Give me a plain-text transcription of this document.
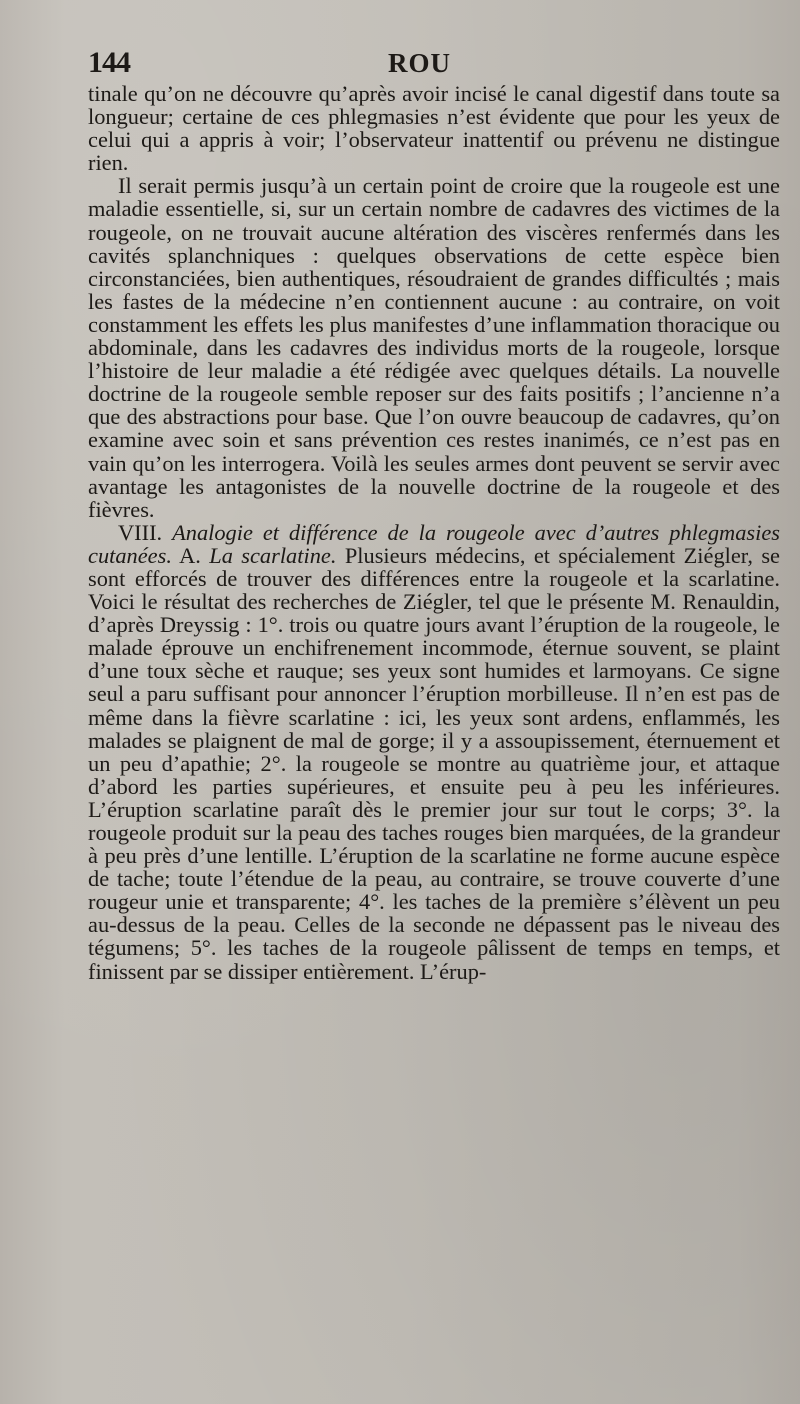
144	ROU

tinale qu’on ne découvre qu’après avoir incisé le canal digestif dans toute sa longueur; certaine de ces phlegmasies n’est évidente que pour les yeux de celui qui a appris à voir; l’observateur inattentif ou prévenu ne distingue rien.

Il serait permis jusqu’à un certain point de croire que la rougeole est une maladie essentielle, si, sur un certain nombre de cadavres des victimes de la rougeole, on ne trouvait aucune altération des viscères renfermés dans les cavités splanchniques : quelques observations de cette espèce bien circonstanciées, bien authentiques, résoudraient de grandes difficultés ; mais les fastes de la médecine n’en contiennent aucune : au contraire, on voit constamment les effets les plus manifestes d’une inflammation thoracique ou abdominale, dans les cadavres des individus morts de la rougeole, lorsque l’histoire de leur maladie a été rédigée avec quelques détails. La nouvelle doctrine de la rougeole semble reposer sur des faits positifs ; l’ancienne n’a que des abstractions pour base. Que l’on ouvre beaucoup de cadavres, qu’on examine avec soin et sans prévention ces restes inanimés, ce n’est pas en vain qu’on les interrogera. Voilà les seules armes dont peuvent se servir avec avantage les antagonistes de la nouvelle doctrine de la rougeole et des fièvres.

VIII. Analogie et différence de la rougeole avec d’autres phlegmasies cutanées. A. La scarlatine. Plusieurs médecins, et spécialement Ziégler, se sont efforcés de trouver des différences entre la rougeole et la scarlatine. Voici le résultat des recherches de Ziégler, tel que le présente M. Renauldin, d’après Dreyssig : 1°. trois ou quatre jours avant l’éruption de la rougeole, le malade éprouve un enchifrenement incommode, éternue souvent, se plaint d’une toux sèche et rauque; ses yeux sont humides et larmoyans. Ce signe seul a paru suffisant pour annoncer l’éruption morbilleuse. Il n’en est pas de même dans la fièvre scarlatine : ici, les yeux sont ardens, enflammés, les malades se plaignent de mal de gorge; il y a assoupissement, éternuement et un peu d’apathie; 2°. la rougeole se montre au quatrième jour, et attaque d’abord les parties supérieures, et ensuite peu à peu les inférieures. L’éruption scarlatine paraît dès le premier jour sur tout le corps; 3°. la rougeole produit sur la peau des taches rouges bien marquées, de la grandeur à peu près d’une lentille. L’éruption de la scarlatine ne forme aucune espèce de tache; toute l’étendue de la peau, au contraire, se trouve couverte d’une rougeur unie et transparente; 4°. les taches de la première s’élèvent un peu au-dessus de la peau. Celles de la seconde ne dépassent pas le niveau des tégumens; 5°. les taches de la rougeole pâlissent de temps en temps, et finissent par se dissiper entièrement. L’érup-
